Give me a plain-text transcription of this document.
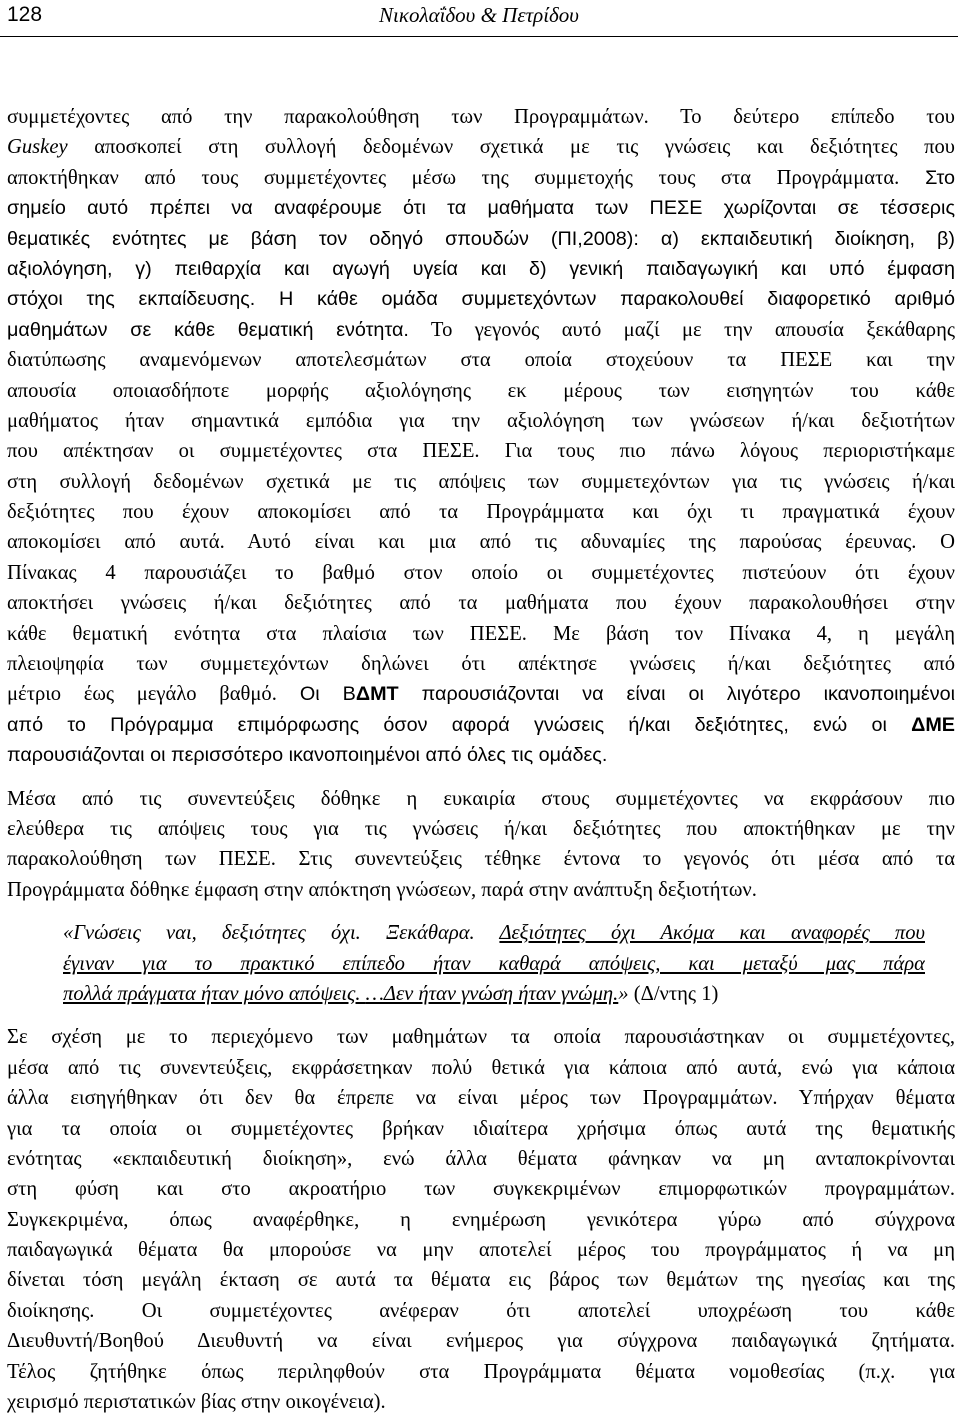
128	Νικολαΐδου & Πετρίδου
συμμετέχοντες από την παρακολούθηση των Προγραμμάτων. Το δεύτερο επίπεδο του
Guskey αποσκοπεί στη συλλογή δεδομένων σχετικά με τις γνώσεις και δεξιότητες που
αποκτήθηκαν από τους συμμετέχοντες μέσω της συμμετοχής τους στα Προγράμματα. Στο
σημείο αυτό πρέπει να αναφέρουμε ότι τα μαθήματα των ΠΕΣΕ χωρίζονται σε τέσσερις
θεματικές ενότητες με βάση τον οδηγό σπουδών (ΠΙ,2008): α) εκπαιδευτική διοίκηση, β)
αξιολόγηση, γ) πειθαρχία και αγωγή υγεία και δ) γενική παιδαγωγική και υπό έμφαση
στόχοι της εκπαίδευσης. Η κάθε ομάδα συμμετεχόντων παρακολουθεί διαφορετικό αριθμό
μαθημάτων σε κάθε θεματική ενότητα. Το γεγονός αυτό μαζί με την απουσία ξεκάθαρης
διατύπωσης αναμενόμενων αποτελεσμάτων στα οποία στοχεύουν τα ΠΕΣΕ και την
απουσία οποιασδήποτε μορφής αξιολόγησης εκ μέρους των εισηγητών του κάθε
μαθήματος ήταν σημαντικά εμπόδια για την αξιολόγηση των γνώσεων ή/και δεξιοτήτων
που απέκτησαν οι συμμετέχοντες στα ΠΕΣΕ. Για τους πιο πάνω λόγους περιοριστήκαμε
στη συλλογή δεδομένων σχετικά με τις απόψεις των συμμετεχόντων για τις γνώσεις ή/και
δεξιότητες που έχουν αποκομίσει από τα Προγράμματα και όχι τι πραγματικά έχουν
αποκομίσει από αυτά. Αυτό είναι και μια από τις αδυναμίες της παρούσας έρευνας. Ο
Πίνακας 4 παρουσιάζει το βαθμό στον οποίο οι συμμετέχοντες πιστεύουν ότι έχουν
αποκτήσει γνώσεις ή/και δεξιότητες από τα μαθήματα που έχουν παρακολουθήσει στην
κάθε θεματική ενότητα στα πλαίσια των ΠΕΣΕ. Με βάση τον Πίνακα 4, η μεγάλη
πλειοψηφία των συμμετεχόντων δηλώνει ότι απέκτησε γνώσεις ή/και δεξιότητες από
μέτριο έως μεγάλο βαθμό. Οι ΒΔΜΤ παρουσιάζονται να είναι οι λιγότερο ικανοποιημένοι
από το Πρόγραμμα επιμόρφωσης όσον αφορά γνώσεις ή/και δεξιότητες, ενώ οι ΔΜΕ
παρουσιάζονται οι περισσότερο ικανοποιημένοι από όλες τις ομάδες.
Μέσα από τις συνεντεύξεις δόθηκε η ευκαιρία στους συμμετέχοντες να εκφράσουν πιο
ελεύθερα τις απόψεις τους για τις γνώσεις ή/και δεξιότητες που αποκτήθηκαν με την
παρακολούθηση των ΠΕΣΕ. Στις συνεντεύξεις τέθηκε έντονα το γεγονός ότι μέσα από τα
Προγράμματα δόθηκε έμφαση στην απόκτηση γνώσεων, παρά στην ανάπτυξη δεξιοτήτων.
«Γνώσεις ναι, δεξιότητες όχι. Ξεκάθαρα. Δεξιότητες όχι Ακόμα και αναφορές που
έγιναν για το πρακτικό επίπεδο ήταν καθαρά απόψεις, και μεταξύ μας πάρα
πολλά πράγματα ήταν μόνο απόψεις. …Δεν ήταν γνώση ήταν γνώμη.» (Δ/ντης 1)
Σε σχέση με το περιεχόμενο των μαθημάτων τα οποία παρουσιάστηκαν οι συμμετέχοντες,
μέσα από τις συνεντεύξεις, εκφράσετηκαν πολύ θετικά για κάποια από αυτά, ενώ για κάποια
άλλα εισηγήθηκαν ότι δεν θα έπρεπε να είναι μέρος των Προγραμμάτων. Υπήρχαν θέματα
για τα οποία οι συμμετέχοντες βρήκαν ιδιαίτερα χρήσιμα όπως αυτά της θεματικής
ενότητας «εκπαιδευτική διοίκηση», ενώ άλλα θέματα φάνηκαν να μη ανταποκρίνονται
στη φύση και στο ακροατήριο των συγκεκριμένων επιμορφωτικών προγραμμάτων.
Συγκεκριμένα, όπως αναφέρθηκε, η ενημέρωση γενικότερα γύρω από σύγχρονα
παιδαγωγικά θέματα θα μπορούσε να μην αποτελεί μέρος του προγράμματος ή να μη
δίνεται τόση μεγάλη έκταση σε αυτά τα θέματα εις βάρος των θεμάτων της ηγεσίας και της
διοίκησης. Οι συμμετέχοντες ανέφεραν ότι αποτελεί υποχρέωση του κάθε
Διευθυντή/Βοηθού Διευθυντή να είναι ενήμερος για σύγχρονα παιδαγωγικά ζητήματα.
Τέλος ζητήθηκε όπως περιληφθούν στα Προγράμματα θέματα νομοθεσίας (π.χ. για
χειρισμό περιστατικών βίας στην οικογένεια).
